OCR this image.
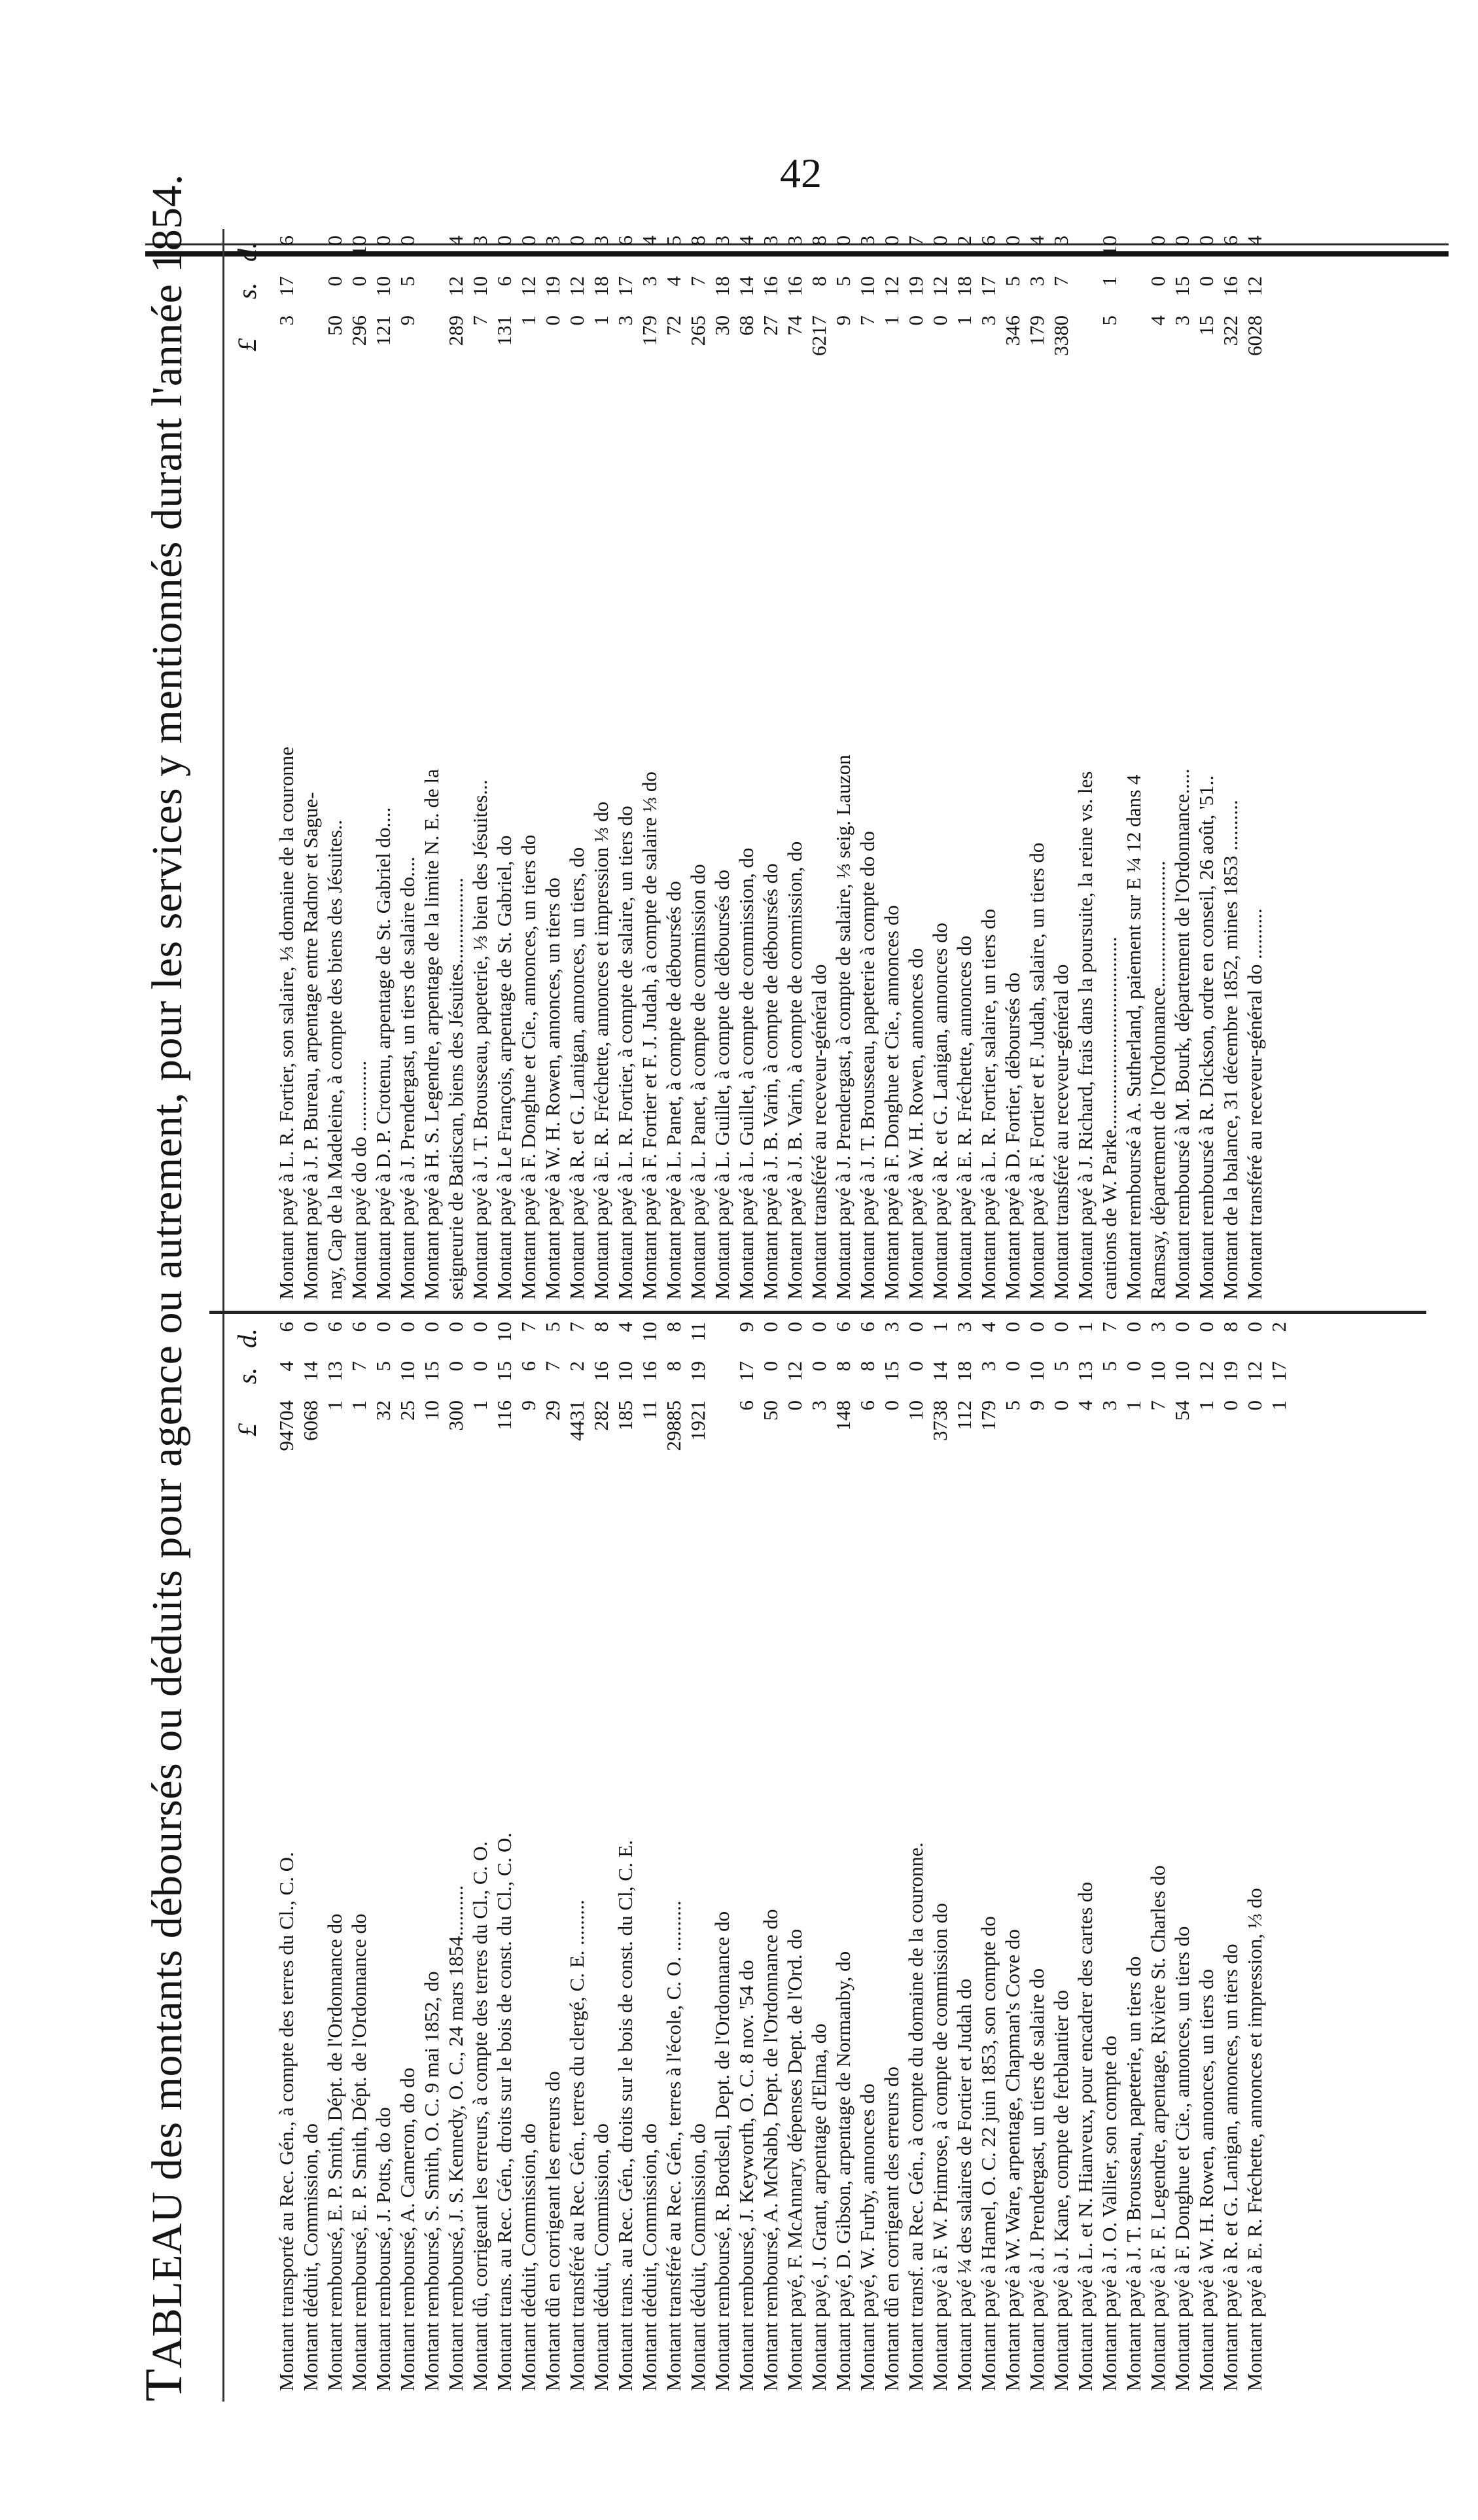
42
TABLEAU des montants déboursés ou déduits pour agence ou autrement, pour les services y mentionnés durant l'année 1854.	£
s.
d.
Montant transporté au Rec. Gén., à compte des terres du Cl., C. O.
94704
4
6
Montant déduit, Commission, do
6068
14
0
Montant remboursé, E. P. Smith, Dépt. de l'Ordonnance do
1
13
6
Montant remboursé, E. P. Smith, Dépt. de l'Ordonnance do
1
7
6
Montant remboursé, J. Potts, do do
32
5
0
Montant remboursé, A. Cameron, do do
25
10
0
Montant remboursé, S. Smith, O. C. 9 mai 1852, do
10
15
0
Montant remboursé, J. S. Kennedy, O. C., 24 mars 1854..........
300
0
0
Montant dû, corrigeant les erreurs, à compte des terres du Cl., C. O.
1
0
0
Montant trans. au Rec. Gén., droits sur le bois de const. du Cl., C. O.
116
15
10
Montant déduit, Commission, do
9
6
7
Montant dû en corrigeant les erreurs do
29
7
5
Montant transféré au Rec. Gén., terres du clergé, C. E. .........
4431
2
7
Montant déduit, Commission, do
282
16
8
Montant trans. au Rec. Gén., droits sur le bois de const. du Cl, C. E.
185
10
4
Montant déduit, Commission, do
11
16
10
Montant transféré au Rec. Gén., terres à l'école, C. O. ..........
29885
8
8
Montant déduit, Commission, do
1921
19
11
Montant remboursé, R. Bordsell, Dept. de l'Ordonnance do Montant remboursé, J. Keyworth, O. C. 8 nov. '54 do
6
17
9
Montant remboursé, A. McNabb, Dept. de l'Ordonnance do
50
0
0
Montant payé, F. McAnnary, dépenses Dept. de l'Ord. do
0
12
0
Montant payé, J. Grant, arpentage d'Elma, do
3
0
0
Montant payé, D. Gibson, arpentage de Normanby, do
148
8
6
Montant payé, W. Furby, annonces do
6
8
6
Montant dû en corrigeant des erreurs do
0
15
3
Montant transf. au Rec. Gén., à compte du domaine de la couronne.
10
0
0
Montant payé à F. W. Primrose, à compte de commission do
3738
14
1
Montant payé ¼ des salaires de Fortier et Judah do
112
18
3
Montant payé à Hamel, O. C. 22 juin 1853, son compte do
179
3
4
Montant payé à W. Ware, arpentage, Chapman's Cove do
5
0
0
Montant payé à J. Prendergast, un tiers de salaire do
9
10
0
Montant payé à J. Kane, compte de ferblantier do
0
5
0
Montant payé à L. et N. Hianveux, pour encadrer des cartes do
4
13
1
Montant payé à J. O. Vallier, son compte do
3
5
7
Montant payé à J. T. Brousseau, papeterie, un tiers do
1
0
0
Montant payé à F. F. Legendre, arpentage, Rivière St. Charles do
7
10
3
Montant payé à F. Donghue et Cie., annonces, un tiers do
54
10
0
Montant payé à W. H. Rowen, annonces, un tiers do
1
12
0
Montant payé à R. et G. Lanigan, annonces, un tiers do
0
19
8
Montant payé à E. R. Fréchette, annonces et impression, ⅓ do
0
12
0
1
17
2
£
s.
d.
Montant payé à L. R. Fortier, son salaire, ⅓ domaine de la couronne
3
17
6
Montant payé à J. P. Bureau, arpentage entre Radnor et Sague- nay, Cap de la Madeleine, à compte des biens des Jésuites..
50
0
0
Montant payé do do ..............
296
0
10
Montant payé à D. P. Crotenu, arpentage de St. Gabriel do....
121
10
0
Montant payé à J. Prendergast, un tiers de salaire do....
9
5
0
Montant payé à H. S. Legendre, arpentage de la limite N. E. de la seigneurie de Batiscan, biens des Jésuites.................
289
12
4
Montant payé à J. T. Brousseau, papeterie, ⅓ bien des Jésuites...
7
10
3
Montant payé à Le François, arpentage de St. Gabriel, do
131
6
0
Montant payé à F. Donghue et Cie., annonces, un tiers do
1
12
0
Montant payé à W. H. Rowen, annonces, un tiers do
0
19
3
Montant payé à R. et G. Lanigan, annonces, un tiers, do
0
12
0
Montant payé à E. R. Fréchette, annonces et impression ⅓ do
1
18
3
Montant payé à L. R. Fortier, à compte de salaire, un tiers do
3
17
6
Montant payé à F. Fortier et F. J. Judah, à compte de salaire ⅓ do
179
3
4
Montant payé à L. Panet, à compte de déboursés do
72
4
5
Montant payé à L. Panet, à compte de commission do
265
7
8
Montant payé à L. Guillet, à compte de déboursés do
30
18
3
Montant payé à L. Guillet, à compte de commission, do
68
14
4
Montant payé à J. B. Varin, à compte de déboursés do
27
16
3
Montant payé à J. B. Varin, à compte de commission, do
74
16
3
Montant transféré au receveur-général do
6217
8
8
Montant payé à J. Prendergast, à compte de salaire, ⅓ seig. Lauzon
9
5
0
Montant payé à J. T. Brousseau, papeterie à compte do do
7
10
3
Montant payé à F. Donghue et Cie., annonces do
1
12
0
Montant payé à W. H. Rowen, annonces do
0
19
7
Montant payé à R. et G. Lanigan, annonces do
0
12
0
Montant payé à E. R. Fréchette, annonces do
1
18
2
Montant payé à L. R. Fortier, salaire, un tiers do
3
17
6
Montant payé à D. Fortier, déboursés do
346
5
0
Montant payé à F. Fortier et F. Judah, salaire, un tiers do
179
3
4
Montant transféré au receveur-général do
3380
7
3
Montant payé à J. Richard, frais dans la poursuite, la reine vs. les cautions de W. Parke......................................
5
1
10
Montant remboursé à A. Sutherland, paiement sur E ¼ 12 dans 4 Ramsay, département de l'Ordonnance.........................
4
0
0
Montant remboursé à M. Bourk, département de l'Ordonnance.....
3
15
0
Montant remboursé à R. Dickson, ordre en conseil, 26 août, '51..
15
0
0
Montant de la balance, 31 décembre 1852, mines 1853 ..........
322
16
6
Montant transféré au receveur-général do ..........
6028
12
4
